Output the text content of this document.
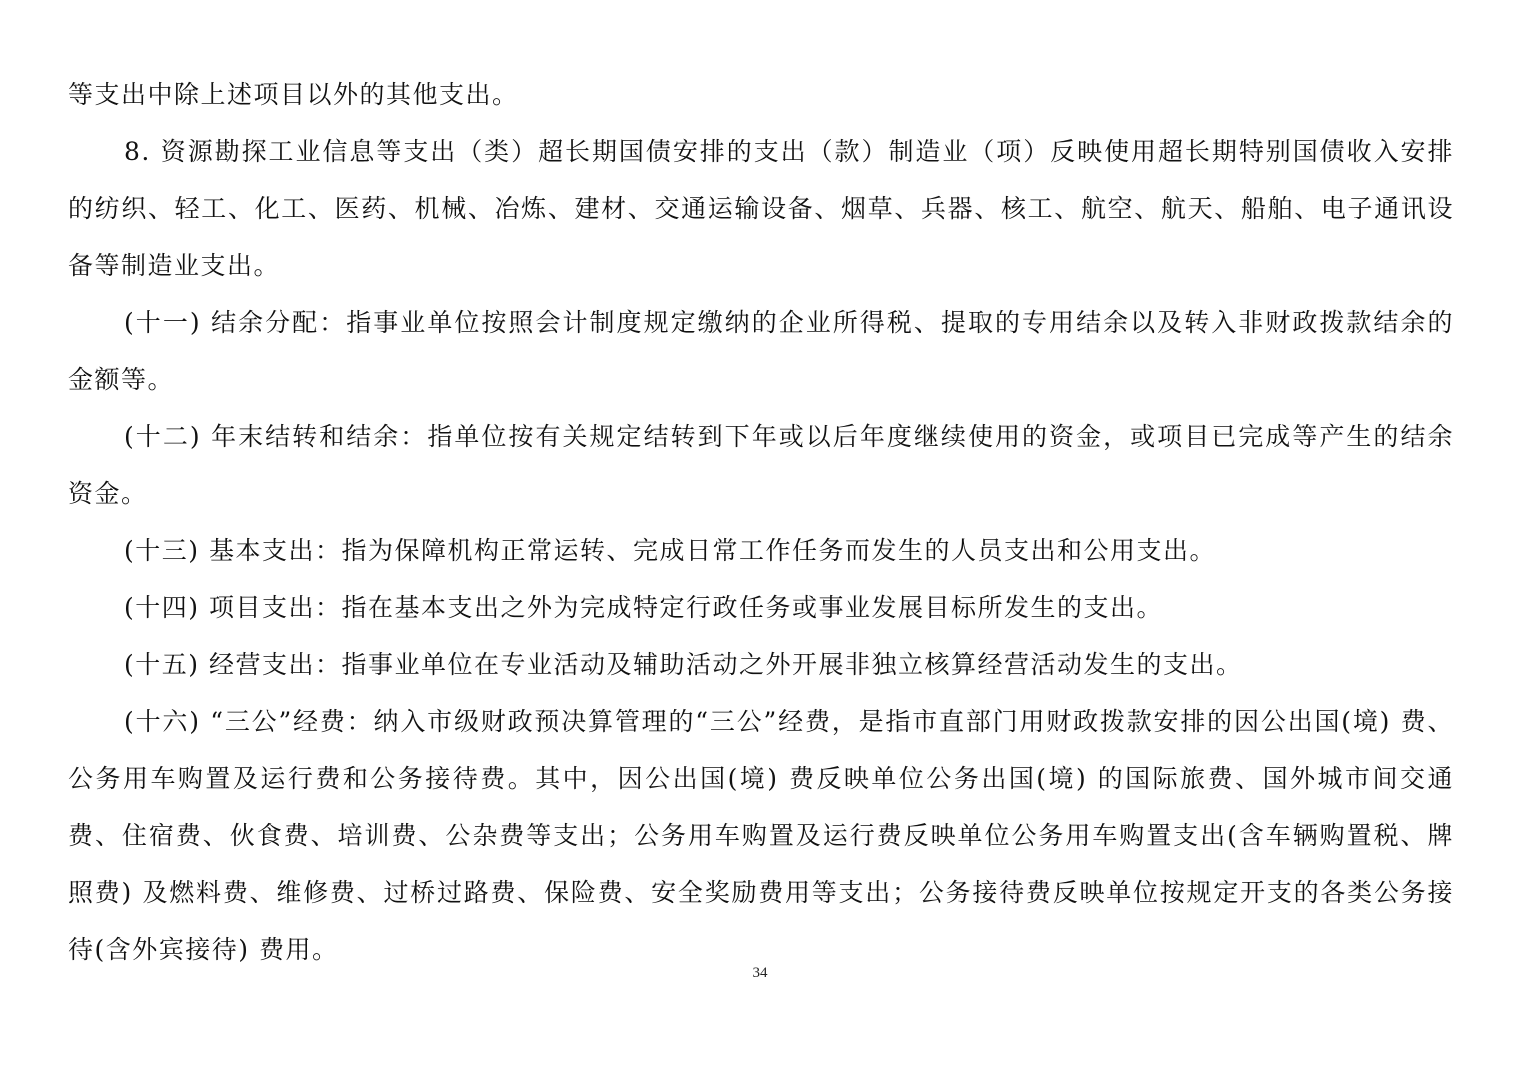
等支出中除上述项目以外的其他支出。

8. 资源勘探工业信息等支出（类）超长期国债安排的支出（款）制造业（项）反映使用超长期特别国债收入安排的纺织、轻工、化工、医药、机械、冶炼、建材、交通运输设备、烟草、兵器、核工、航空、航天、船舶、电子通讯设备等制造业支出。

(十一) 结余分配：指事业单位按照会计制度规定缴纳的企业所得税、提取的专用结余以及转入非财政拨款结余的金额等。

(十二) 年末结转和结余：指单位按有关规定结转到下年或以后年度继续使用的资金，或项目已完成等产生的结余资金。

(十三) 基本支出：指为保障机构正常运转、完成日常工作任务而发生的人员支出和公用支出。

(十四) 项目支出：指在基本支出之外为完成特定行政任务或事业发展目标所发生的支出。

(十五) 经营支出：指事业单位在专业活动及辅助活动之外开展非独立核算经营活动发生的支出。

(十六) “三公”经费：纳入市级财政预决算管理的“三公”经费，是指市直部门用财政拨款安排的因公出国(境) 费、公务用车购置及运行费和公务接待费。其中，因公出国(境) 费反映单位公务出国(境) 的国际旅费、国外城市间交通费、住宿费、伙食费、培训费、公杂费等支出；公务用车购置及运行费反映单位公务用车购置支出(含车辆购置税、牌照费) 及燃料费、维修费、过桥过路费、保险费、安全奖励费用等支出；公务接待费反映单位按规定开支的各类公务接待(含外宾接待) 费用。

34
